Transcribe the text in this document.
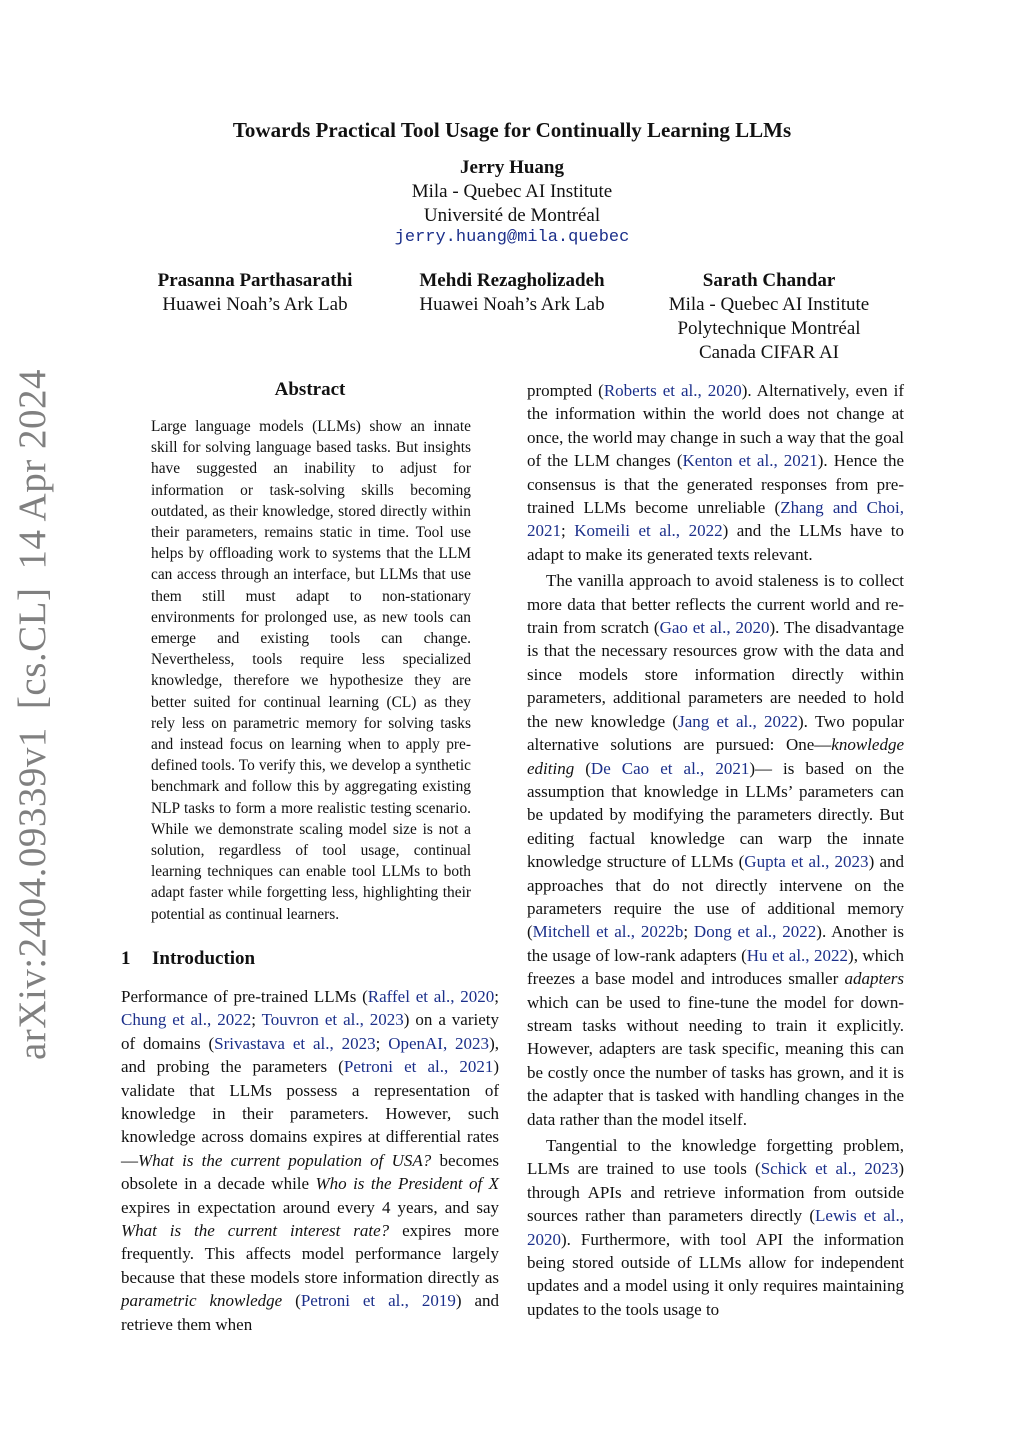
arXiv:2404.09339v1[cs.CL]14 Apr 2024
Towards Practical Tool Usage for Continually Learning LLMs
Jerry Huang
Mila - Quebec AI Institute
Université de Montréal
jerry.huang@mila.quebec
Prasanna Parthasarathi
Huawei Noah’s Ark Lab
Mehdi Rezagholizadeh
Huawei Noah’s Ark Lab
Sarath Chandar
Mila - Quebec AI Institute
Polytechnique Montréal
Canada CIFAR AI
Abstract
Large language models (LLMs) show an innate skill for solving language based tasks. But insights have suggested an inability to adjust for information or task-solving skills becoming outdated, as their knowledge, stored directly within their parameters, remains static in time. Tool use helps by offloading work to systems that the LLM can access through an interface, but LLMs that use them still must adapt to non-stationary environments for prolonged use, as new tools can emerge and existing tools can change. Nevertheless, tools require less specialized knowledge, therefore we hypothesize they are better suited for continual learning (CL) as they rely less on parametric memory for solving tasks and instead focus on learning when to apply pre-defined tools. To verify this, we develop a synthetic benchmark and follow this by aggregating existing NLP tasks to form a more realistic testing scenario. While we demonstrate scaling model size is not a solution, regardless of tool usage, continual learning techniques can enable tool LLMs to both adapt faster while forgetting less, highlighting their potential as continual learners.
1 Introduction

Performance of pre-trained LLMs (Raffel et al., 2020; Chung et al., 2022; Touvron et al., 2023) on a variety of domains (Srivastava et al., 2023; OpenAI, 2023), and probing the parameters (Petroni et al., 2021) validate that LLMs possess a representation of knowledge in their parameters. However, such knowledge across domains expires at differential rates—What is the current population of USA? becomes obsolete in a decade while Who is the President of X expires in expectation around every 4 years, and say What is the current interest rate? expires more frequently. This affects model performance largely because that these models store information directly as parametric knowledge (Petroni et al., 2019) and retrieve them when

prompted (Roberts et al., 2020). Alternatively, even if the information within the world does not change at once, the world may change in such a way that the goal of the LLM changes (Kenton et al., 2021). Hence the consensus is that the generated responses from pre-trained LLMs become unreliable (Zhang and Choi, 2021; Komeili et al., 2022) and the LLMs have to adapt to make its generated texts relevant.

The vanilla approach to avoid staleness is to collect more data that better reflects the current world and re-train from scratch (Gao et al., 2020). The disadvantage is that the necessary resources grow with the data and since models store information directly within parameters, additional parameters are needed to hold the new knowledge (Jang et al., 2022). Two popular alternative solutions are pursued: One—knowledge editing (De Cao et al., 2021)— is based on the assumption that knowledge in LLMs’ parameters can be updated by modifying the parameters directly. But editing factual knowledge can warp the innate knowledge structure of LLMs (Gupta et al., 2023) and approaches that do not directly intervene on the parameters require the use of additional memory (Mitchell et al., 2022b; Dong et al., 2022). Another is the usage of low-rank adapters (Hu et al., 2022), which freezes a base model and introduces smaller adapters which can be used to fine-tune the model for down-stream tasks without needing to train it explicitly. However, adapters are task specific, meaning this can be costly once the number of tasks has grown, and it is the adapter that is tasked with handling changes in the data rather than the model itself.

Tangential to the knowledge forgetting problem, LLMs are trained to use tools (Schick et al., 2023) through APIs and retrieve information from outside sources rather than parameters directly (Lewis et al., 2020). Furthermore, with tool API the information being stored outside of LLMs allow for independent updates and a model using it only requires maintaining updates to the tools usage to
